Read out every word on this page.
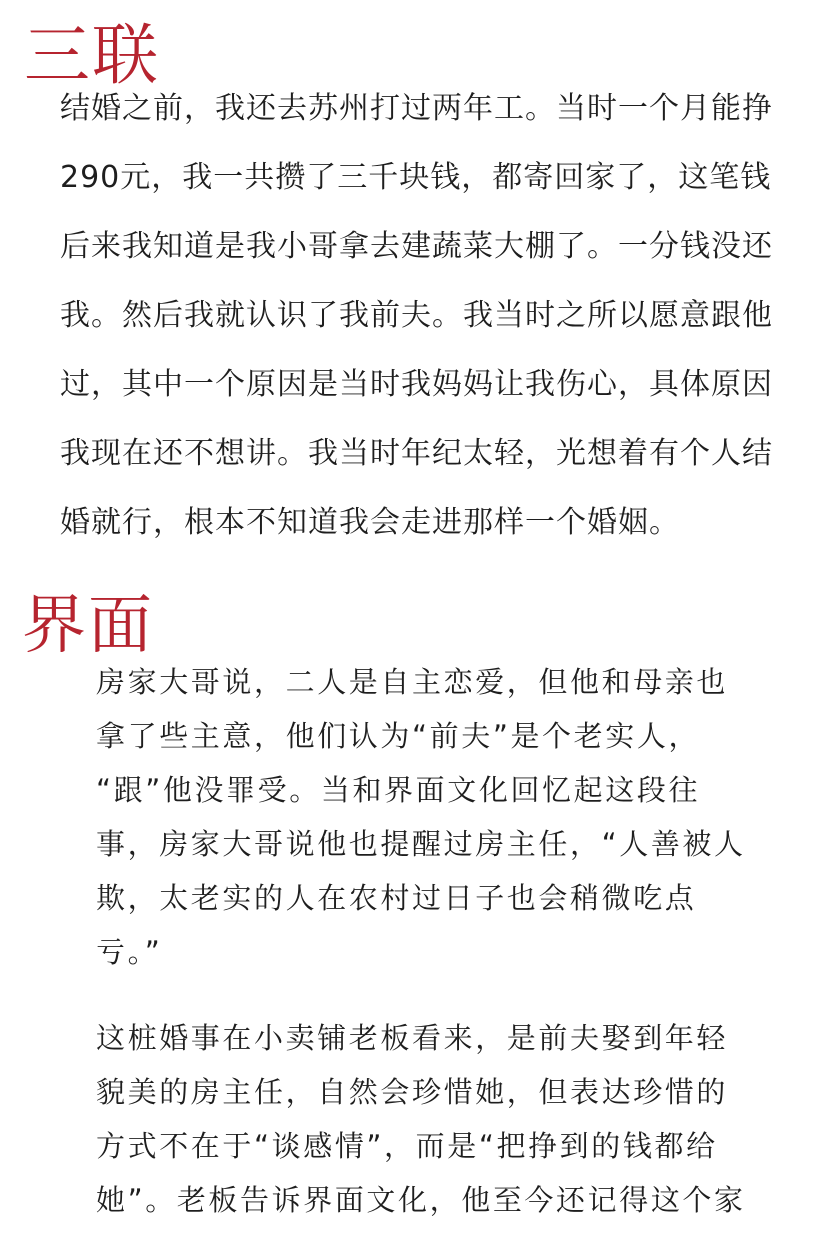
三联
结婚之前，我还去苏州打过两年工。当时一个月能挣
290元，我一共攒了三千块钱，都寄回家了，这笔钱
后来我知道是我小哥拿去建蔬菜大棚了。一分钱没还
我。然后我就认识了我前夫。我当时之所以愿意跟他
过，其中一个原因是当时我妈妈让我伤心，具体原因
我现在还不想讲。我当时年纪太轻，光想着有个人结
婚就行，根本不知道我会走进那样一个婚姻。
界面
房家大哥说，二人是自主恋爱，但他和母亲也
拿了些主意，他们认为“前夫”是个老实人，
“跟”他没罪受。当和界面文化回忆起这段往
事，房家大哥说他也提醒过房主任，“人善被人
欺，太老实的人在农村过日子也会稍微吃点
亏。”
这桩婚事在小卖铺老板看来，是前夫娶到年轻
貌美的房主任，自然会珍惜她，但表达珍惜的
方式不在于“谈感情”，而是“把挣到的钱都给
她”。老板告诉界面文化，他至今还记得这个家
